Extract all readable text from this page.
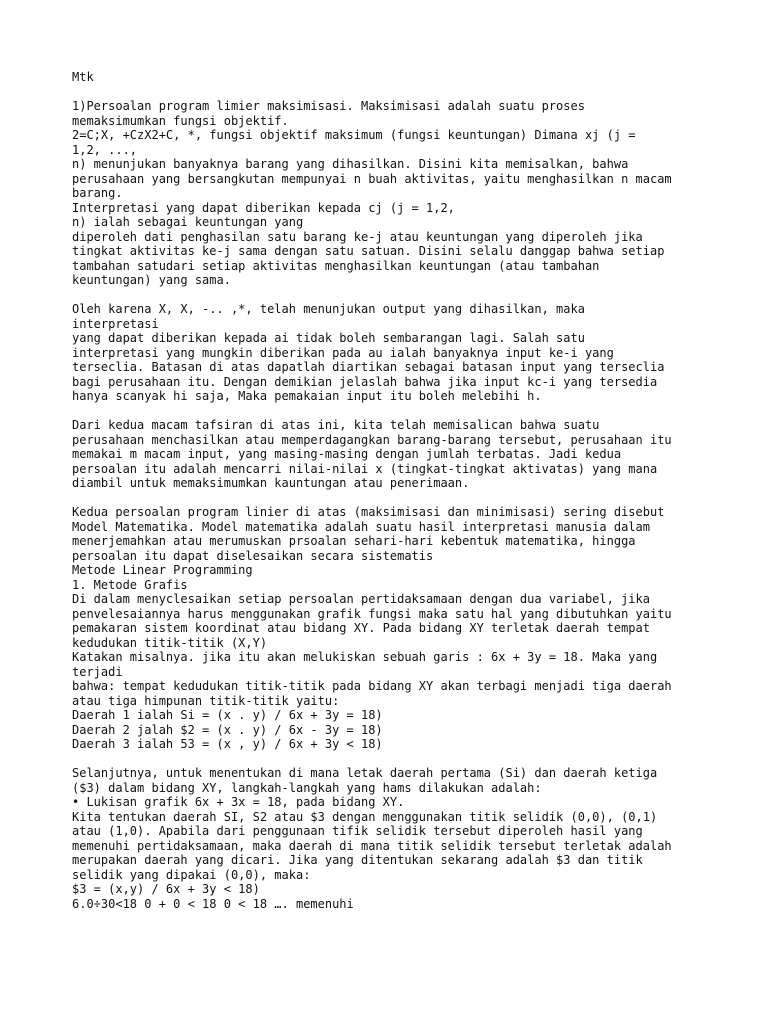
Mtk
1)Persoalan program limier maksimisasi. Maksimisasi adalah suatu proses
memaksimumkan fungsi objektif.
2=C;X, +CzX2+C, *, fungsi objektif maksimum (fungsi keuntungan) Dimana xj (j =
1,2, ...,
n) menunjukan banyaknya barang yang dihasilkan. Disini kita memisalkan, bahwa
perusahaan yang bersangkutan mempunyai n buah aktivitas, yaitu menghasilkan n macam
barang.
Interpretasi yang dapat diberikan kepada cj (j = 1,2,
n) ialah sebagai keuntungan yang
diperoleh dati penghasilan satu barang ke-j atau keuntungan yang diperoleh jika
tingkat aktivitas ke-j sama dengan satu satuan. Disini selalu danggap bahwa setiap
tambahan satudari setiap aktivitas menghasilkan keuntungan (atau tambahan
keuntungan) yang sama.
Oleh karena X, X, -.. ,*, telah menunjukan output yang dihasilkan, maka
interpretasi
yang dapat diberikan kepada ai tidak boleh sembarangan lagi. Salah satu
interpretasi yang mungkin diberikan pada au ialah banyaknya input ke-i yang
terseclia. Batasan di atas dapatlah diartikan sebagai batasan input yang terseclia
bagi perusahaan itu. Dengan demikian jelaslah bahwa jika input kc-i yang tersedia
hanya scanyak hi saja, Maka pemakaian input itu boleh melebihi h.
Dari kedua macam tafsiran di atas ini, kita telah memisalican bahwa suatu
perusahaan menchasilkan atau memperdagangkan barang-barang tersebut, perusahaan itu
memakai m macam input, yang masing-masing dengan jumlah terbatas. Jadi kedua
persoalan itu adalah mencarri nilai-nilai x (tingkat-tingkat aktivatas) yang mana
diambil untuk memaksimumkan kauntungan atau penerimaan.
Kedua persoalan program linier di atas (maksimisasi dan minimisasi) sering disebut
Model Matematika. Model matematika adalah suatu hasil interpretasi manusia dalam
menerjemahkan atau merumuskan prsoalan sehari-hari kebentuk matematika, hingga
persoalan itu dapat diselesaikan secara sistematis
Metode Linear Programming
1. Metode Grafis
Di dalam menyclesaikan setiap persoalan pertidaksamaan dengan dua variabel, jika
penvelesaiannya harus menggunakan grafik fungsi maka satu hal yang dibutuhkan yaitu
pemakaran sistem koordinat atau bidang XY. Pada bidang XY terletak daerah tempat
kedudukan titik-titik (X,Y)
Katakan misalnya. jika itu akan melukiskan sebuah garis : 6x + 3y = 18. Maka yang
terjadi
bahwa: tempat kedudukan titik-titik pada bidang XY akan terbagi menjadi tiga daerah
atau tiga himpunan titik-titik yaitu:
Daerah 1 ialah Si = (x . y) / 6x + 3y = 18)
Daerah 2 jalah $2 = (x . y) / 6x - 3y = 18)
Daerah 3 ialah 53 = (x , y) / 6x + 3y < 18)
Selanjutnya, untuk menentukan di mana letak daerah pertama (Si) dan daerah ketiga
($3) dalam bidang XY, langkah-langkah yang hams dilakukan adalah:
• Lukisan grafik 6x + 3x = 18, pada bidang XY.
Kita tentukan daerah SI, S2 atau $3 dengan menggunakan titik selidik (0,0), (0,1)
atau (1,0). Apabila dari penggunaan tifik selidik tersebut diperoleh hasil yang
memenuhi pertidaksamaan, maka daerah di mana titik selidik tersebut terletak adalah
merupakan daerah yang dicari. Jika yang ditentukan sekarang adalah $3 dan titik
selidik yang dipakai (0,0), maka:
$3 = (x,y) / 6x + 3y < 18)
6.0÷30<18 0 + 0 < 18 0 < 18 …. memenuhi
